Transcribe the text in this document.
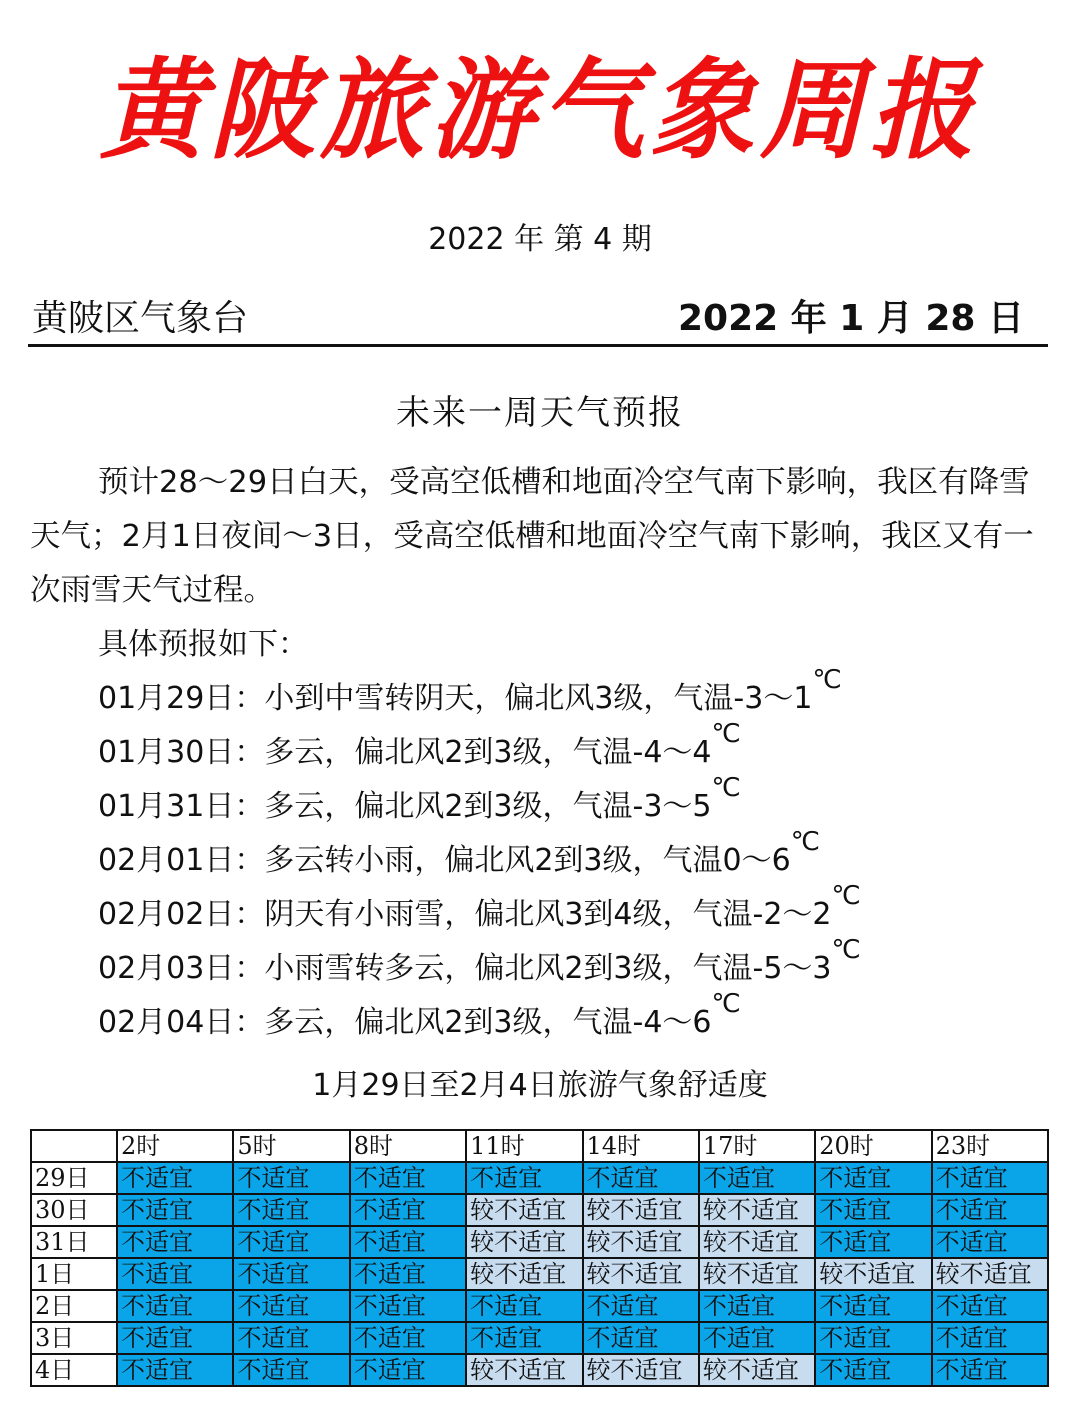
黄陂旅游气象周报
2022 年 第 4 期
黄陂区气象台	2022 年 1 月 28 日
未来一周天气预报
预计28～29日白天，受高空低槽和地面冷空气南下影响，我区有降雪天气；2月1日夜间～3日，受高空低槽和地面冷空气南下影响，我区又有一次雨雪天气过程。
具体预报如下：
01月29日：小到中雪转阴天，偏北风3级，气温-3～1℃
01月30日：多云，偏北风2到3级，气温-4～4℃
01月31日：多云，偏北风2到3级，气温-3～5℃
02月01日：多云转小雨，偏北风2到3级，气温0～6℃
02月02日：阴天有小雨雪，偏北风3到4级，气温-2～2℃
02月03日：小雨雪转多云，偏北风2到3级，气温-5～3℃
02月04日：多云，偏北风2到3级，气温-4～6℃
1月29日至2月4日旅游气象舒适度
	2时	5时	8时	11时	14时	17时	20时	23时
29日	不适宜	不适宜	不适宜	不适宜	不适宜	不适宜	不适宜	不适宜
30日	不适宜	不适宜	不适宜	较不适宜	较不适宜	较不适宜	不适宜	不适宜
31日	不适宜	不适宜	不适宜	较不适宜	较不适宜	较不适宜	不适宜	不适宜
1日	不适宜	不适宜	不适宜	较不适宜	较不适宜	较不适宜	较不适宜	较不适宜
2日	不适宜	不适宜	不适宜	不适宜	不适宜	不适宜	不适宜	不适宜
3日	不适宜	不适宜	不适宜	不适宜	不适宜	不适宜	不适宜	不适宜
4日	不适宜	不适宜	不适宜	较不适宜	较不适宜	较不适宜	不适宜	不适宜
